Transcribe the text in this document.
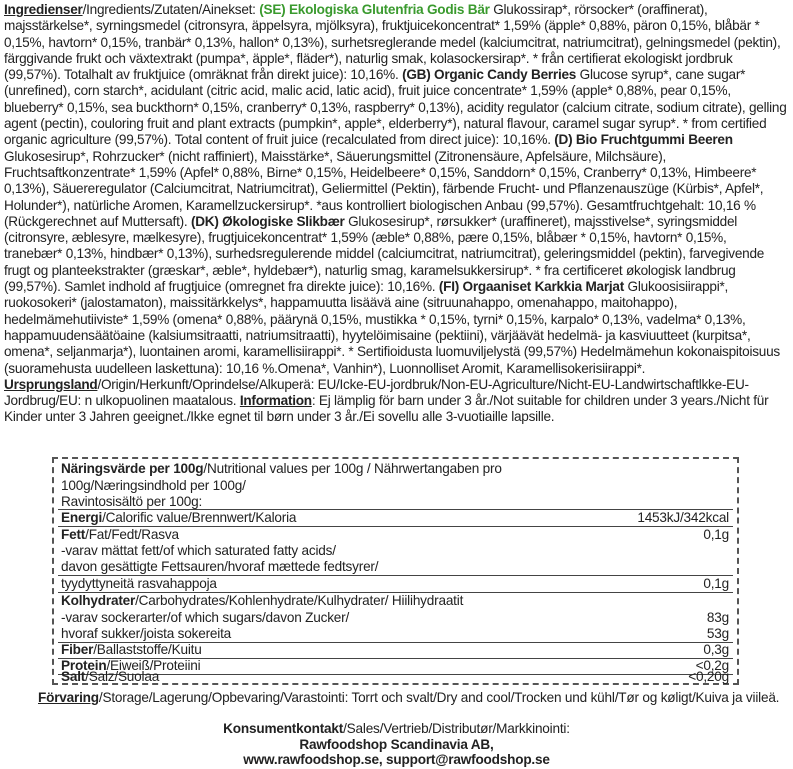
Ingredienser/Ingredients/Zutaten/Ainekset: (SE) Ekologiska Glutenfria Godis Bär Glukossirap*, rörsocker* (oraffinerat), majsstärkelse*, syrningsmedel (citronsyra, äppelsyra, mjölksyra), fruktjuicekoncentrat* 1,59% (äpple* 0,88%, päron 0,15%, blåbär * 0,15%, havtorn* 0,15%, tranbär* 0,13%, hallon* 0,13%), surhetsreglerande medel (kalciumcitrat, natriumcitrat), gelningsmedel (pektin), färggivande frukt och växtextrakt (pumpa*, äpple*, fläder*), naturlig smak, kolasockersirap*. * från certifierat ekologiskt jordbruk (99,57%). Totalhalt av fruktjuice (omräknat från direkt juice): 10,16%. (GB) Organic Candy Berries Glucose syrup*, cane sugar* (unrefined), corn starch*, acidulant (citric acid, malic acid, latic acid), fruit juice concentrate* 1,59% (apple* 0,88%, pear 0,15%, blueberry* 0,15%, sea buckthorn* 0,15%, cranberry* 0,13%, raspberry* 0,13%), acidity regulator (calcium citrate, sodium citrate), gelling agent (pectin), couloring fruit and plant extracts (pumpkin*, apple*, elderberry*), natural flavour, caramel sugar syrup*. * from certified organic agriculture (99,57%). Total content of fruit juice (recalculated from direct juice): 10,16%. (D) Bio Fruchtgummi Beeren Glukosesirup*, Rohrzucker* (nicht raffiniert), Maisstärke*, Säuerungsmittel (Zitronensäure, Apfelsäure, Milchsäure), Fruchtsaftkonzentrate* 1,59% (Apfel* 0,88%, Birne* 0,15%, Heidelbeere* 0,15%, Sanddorn* 0,15%, Cranberry* 0,13%, Himbeere* 0,13%), Säuereregulator (Calciumcitrat, Natriumcitrat), Geliermittel (Pektin), färbende Frucht- und Pflanzenauszüge (Kürbis*, Apfel*, Holunder*), natürliche Aromen, Karamellzuckersirup*. *aus kontrolliert biologischen Anbau (99,57%). Gesamtfruchtgehalt: 10,16 % (Rückgerechnet auf Muttersaft). (DK) Økologiske Slikbær Glukosesirup*, rørsukker* (uraffineret), majsstivelse*, syringsmiddel (citronsyre, æblesyre, mælkesyre), frugtjuicekoncentrat* 1,59% (æble* 0,88%, pære 0,15%, blåbær * 0,15%, havtorn* 0,15%, tranebær* 0,13%, hindbær* 0,13%), surhedsregulerende middel (calciumcitrat, natriumcitrat), geleringsmiddel (pektin), farvegivende frugt og planteekstrakter (græskar*, æble*, hyldebær*), naturlig smag, karamelsukkersirup*. * fra certificeret økologisk landbrug (99,57%). Samlet indhold af frugtjuice (omregnet fra direkte juice): 10,16%. (FI) Orgaaniset Karkkia Marjat Glukoosisiirappi*, ruokosokeri* (jalostamaton), maissitärkkelys*, happamuutta lisäävä aine (sitruunahappo, omenahappo, maitohappo), hedelmämehutiiviste* 1,59% (omena* 0,88%, päärynä 0,15%, mustikka * 0,15%, tyrni* 0,15%, karpalo* 0,13%, vadelma* 0,13%, happamuudensäätöaine (kalsiumsitraatti, natriumsitraatti), hyytelöimisaine (pektiini), värjäävät hedelmä- ja kasviuutteet (kurpitsa*, omena*, seljanmarja*), luontainen aromi, karamellisiirappi*. * Sertifioidusta luomuviljelystä (99,57%) Hedelmämehun kokonaispitoisuus (suoramehusta uudelleen laskettuna): 10,16 %.Omena*, Vanhin*), Luonnolliset Aromit, Karamellisokerisiirappi*. Ursprungsland/Origin/Herkunft/Oprindelse/Alkuperä: EU/Icke-EU-jordbruk/Non-EU-Agriculture/Nicht-EU-Landwirtschaftlkke-EU-Jordbrug/EU: n ulkopuolinen maatalous. Information: Ej lämplig för barn under 3 år./Not suitable for children under 3 years./Nicht für Kinder unter 3 Jahren geeignet./Ikke egnet til børn under 3 år./Ei sovellu alle 3-vuotiaille lapsille.
Näringsvärde per 100g/Nutritional values per 100g / Nährwertangaben pro
100g/Næringsindhold per 100g/
Ravintosisältö per 100g:
Energi/Calorific value/Brennwert/Kaloria	1453kJ/342kcal
Fett/Fat/Fedt/Rasva	0,1g
-varav mättat fett/of which saturated fatty acids/
davon gesättigte Fettsauren/hvoraf mættede fedtsyrer/
tyydyttyneitä rasvahappoja	0,1g
Kolhydrater/Carbohydrates/Kohlenhydrate/Kulhydrater/ Hiilihydraatit
-varav sockerarter/of which sugars/davon Zucker/	83g
hvoraf sukker/joista sokereita	53g
Fiber/Ballaststoffe/Kuitu	0,3g
Protein/Eiweiß/Proteiini	<0,2g
Salt/Salz/Suolaa	<0,20g
Förvaring/Storage/Lagerung/Opbevaring/Varastointi: Torrt och svalt/Dry and cool/Trocken und kühl/Tør og køligt/Kuiva ja viileä.
Konsumentkontakt/Sales/Vertrieb/Distributør/Markkinointi:
Rawfoodshop Scandinavia AB,
www.rawfoodshop.se, support@rawfoodshop.se
